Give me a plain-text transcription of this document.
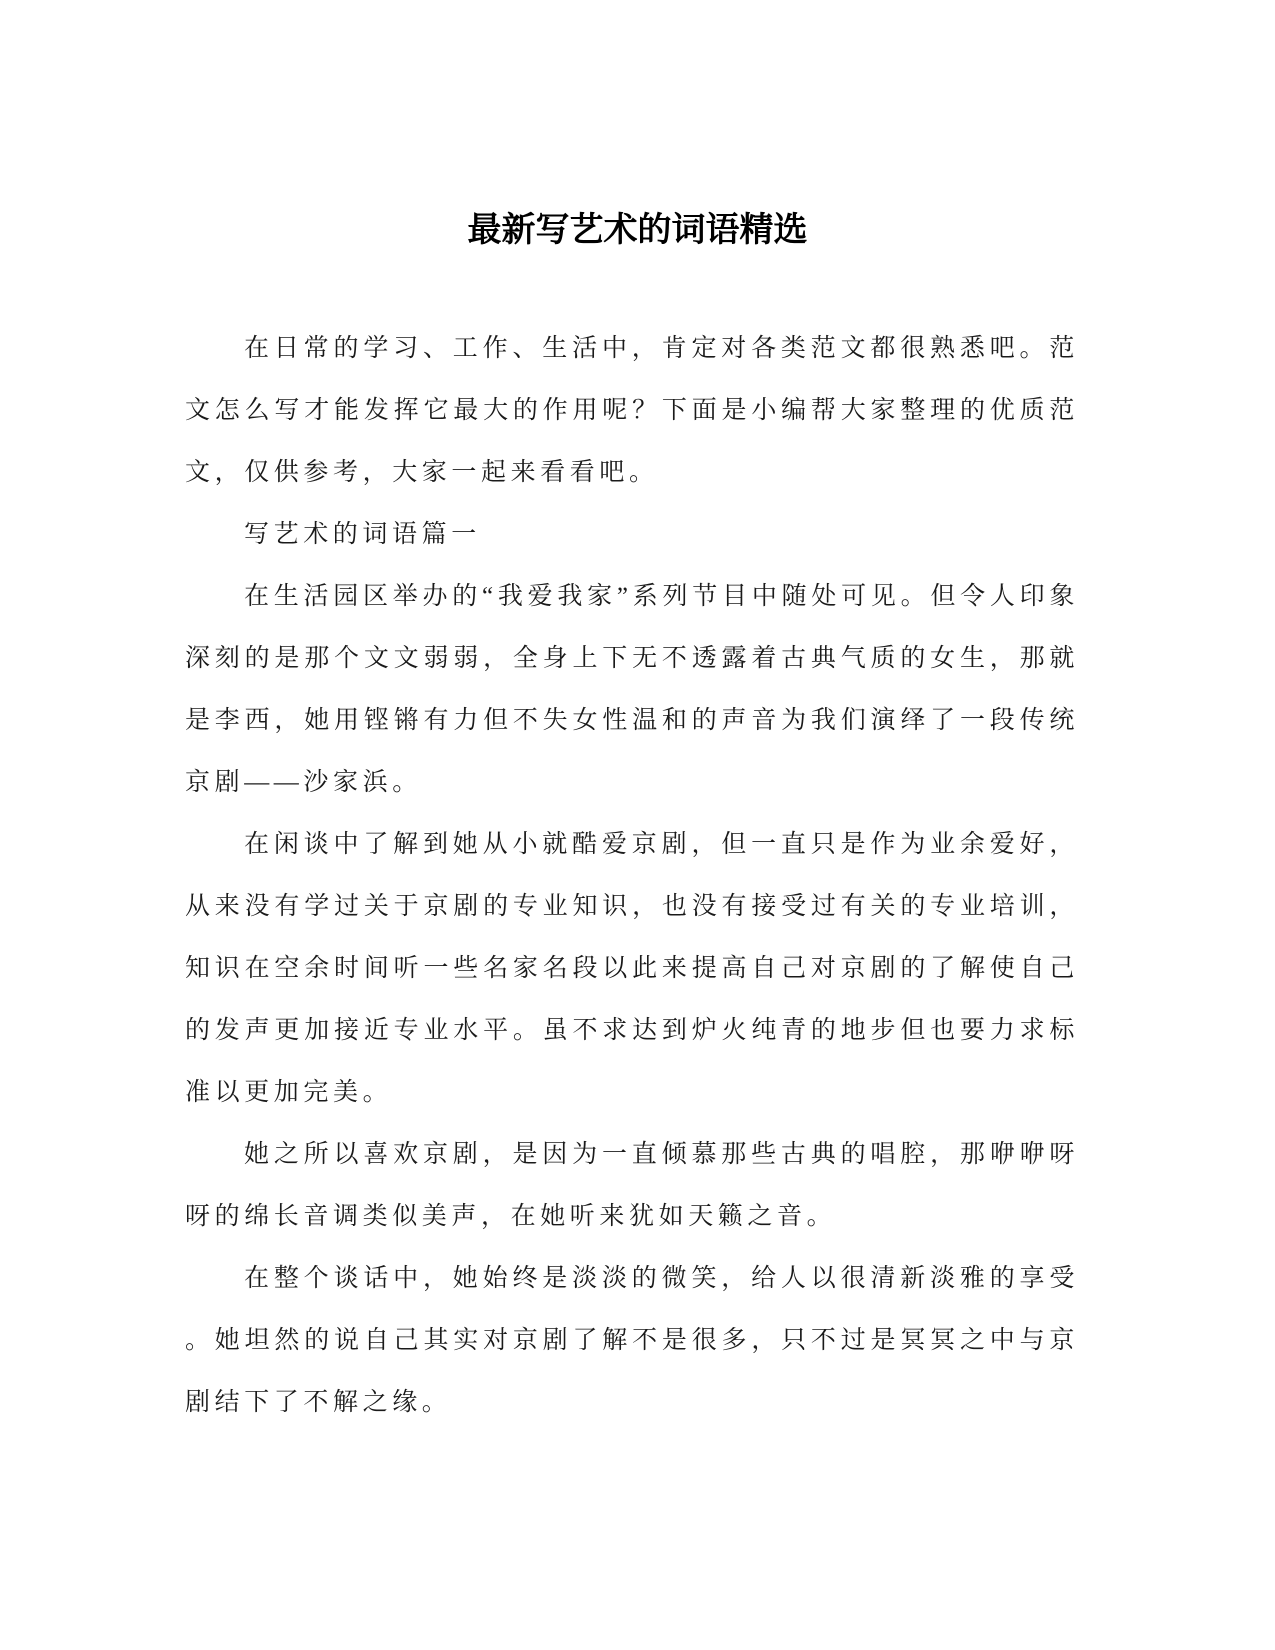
最新写艺术的词语精选

在日常的学习、工作、生活中，肯定对各类范文都很熟悉吧。范文怎么写才能发挥它最大的作用呢？下面是小编帮大家整理的优质范文，仅供参考，大家一起来看看吧。

写艺术的词语篇一

在生活园区举办的“我爱我家”系列节目中随处可见。但令人印象深刻的是那个文文弱弱，全身上下无不透露着古典气质的女生，那就是李西，她用铿锵有力但不失女性温和的声音为我们演绎了一段传统京剧——沙家浜。

在闲谈中了解到她从小就酷爱京剧，但一直只是作为业余爱好，从来没有学过关于京剧的专业知识，也没有接受过有关的专业培训，知识在空余时间听一些名家名段以此来提高自己对京剧的了解使自己的发声更加接近专业水平。虽不求达到炉火纯青的地步但也要力求标准以更加完美。

她之所以喜欢京剧，是因为一直倾慕那些古典的唱腔，那咿咿呀呀的绵长音调类似美声，在她听来犹如天籁之音。

在整个谈话中，她始终是淡淡的微笑，给人以很清新淡雅的享受。她坦然的说自己其实对京剧了解不是很多，只不过是冥冥之中与京剧结下了不解之缘。
